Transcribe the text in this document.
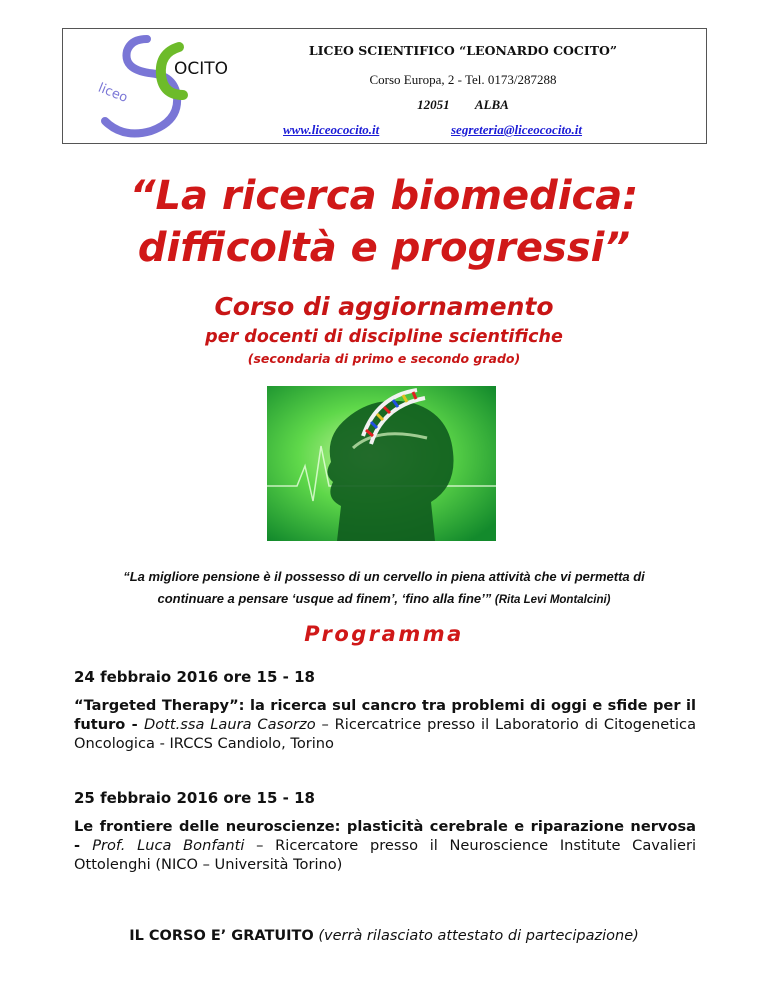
OCITO
liceo
LICEO SCIENTIFICO “LEONARDO COCITO”
Corso Europa, 2 - Tel. 0173/287288
12051 ALBA
www.liceococito.it	segreteria@liceococito.it
“La ricerca biomedica:
difficoltà e progressi”
Corso di aggiornamento
per docenti di discipline scientifiche
(secondaria di primo e secondo grado)
“La migliore pensione è il possesso di un cervello in piena attività che vi permetta di
continuare a pensare ‘usque ad finem’, ‘fino alla fine’” (Rita Levi Montalcini)
Programma
24 febbraio 2016 ore 15 - 18
“Targeted Therapy”: la ricerca sul cancro tra problemi di oggi e sfide per il futuro - Dott.ssa Laura Casorzo – Ricercatrice presso il Laboratorio di Citogenetica Oncologica - IRCCS Candiolo, Torino
25 febbraio 2016 ore 15 - 18
Le frontiere delle neuroscienze: plasticità cerebrale e riparazione nervosa - Prof. Luca Bonfanti – Ricercatore presso il Neuroscience Institute Cavalieri Ottolenghi (NICO – Università Torino)
IL CORSO E’ GRATUITO (verrà rilasciato attestato di partecipazione)
